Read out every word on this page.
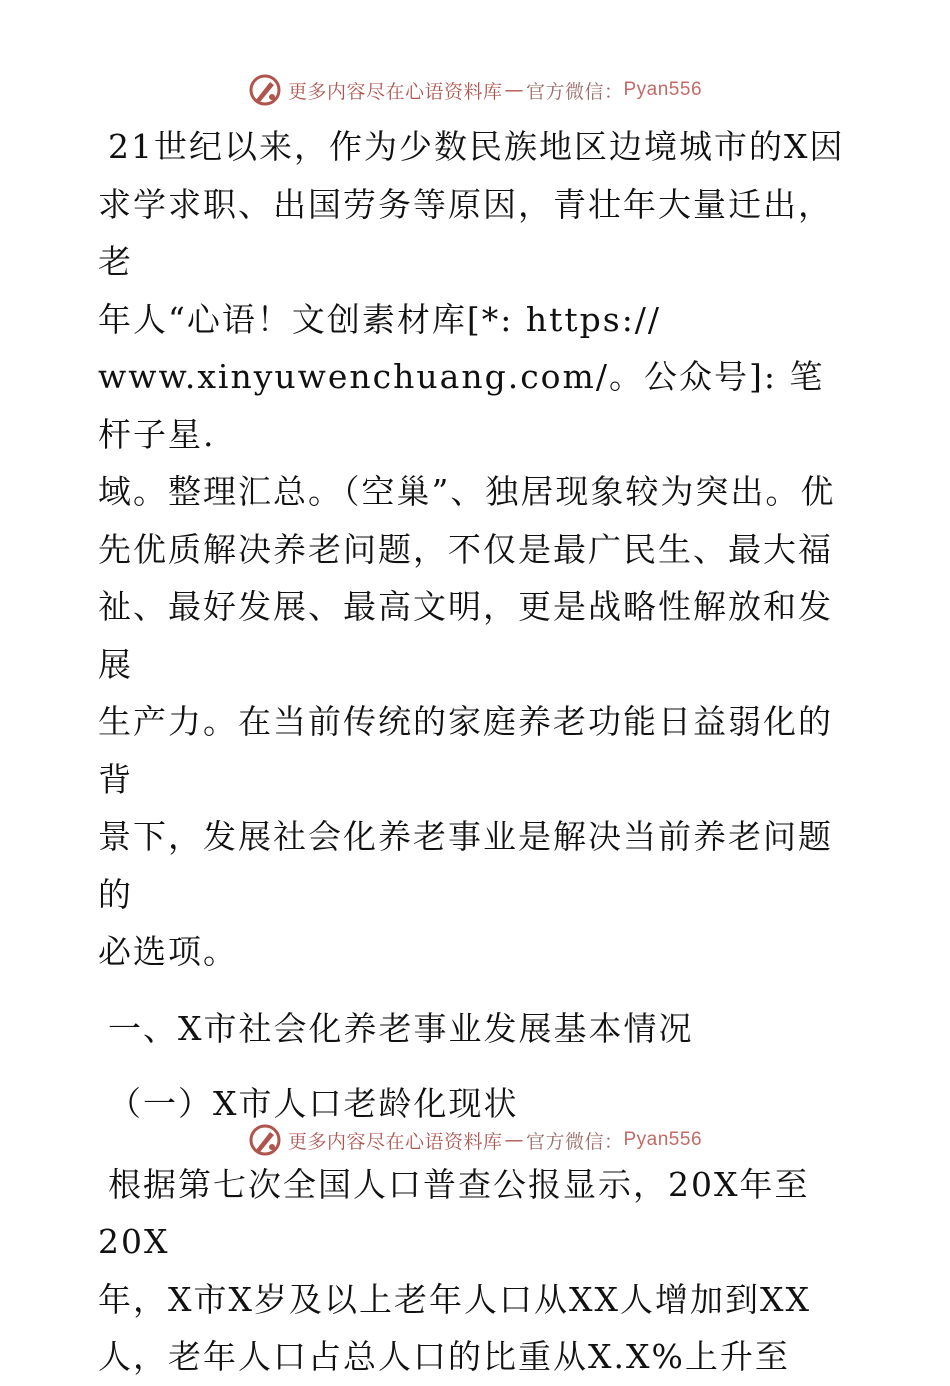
更多内容尽在心语资料库 — 官方微信： Pyan556

21世纪以来，作为少数民族地区边境城市的X因

求学求职、出国劳务等原因，青壮年大量迁出，老

年人“心语！文创素材库[*: https://

www.xinyuwenchuang.com/。公众号]: 笔杆子星.

域。整理汇总。（空巢”、独居现象较为突出。优

先优质解决养老问题，不仅是最广民生、最大福

祉、最好发展、最高文明，更是战略性解放和发展

生产力。在当前传统的家庭养老功能日益弱化的背

景下，发展社会化养老事业是解决当前养老问题的

必选项。

一、X市社会化养老事业发展基本情况
（一）X市人口老龄化现状

根据第七次全国人口普查公报显示，20X年至20X

年，X市X岁及以上老年人口从XX人增加到XX

人，老年人口占总人口的比重从X.X%上升至

更多内容尽在心语资料库 — 官方微信： Pyan556
